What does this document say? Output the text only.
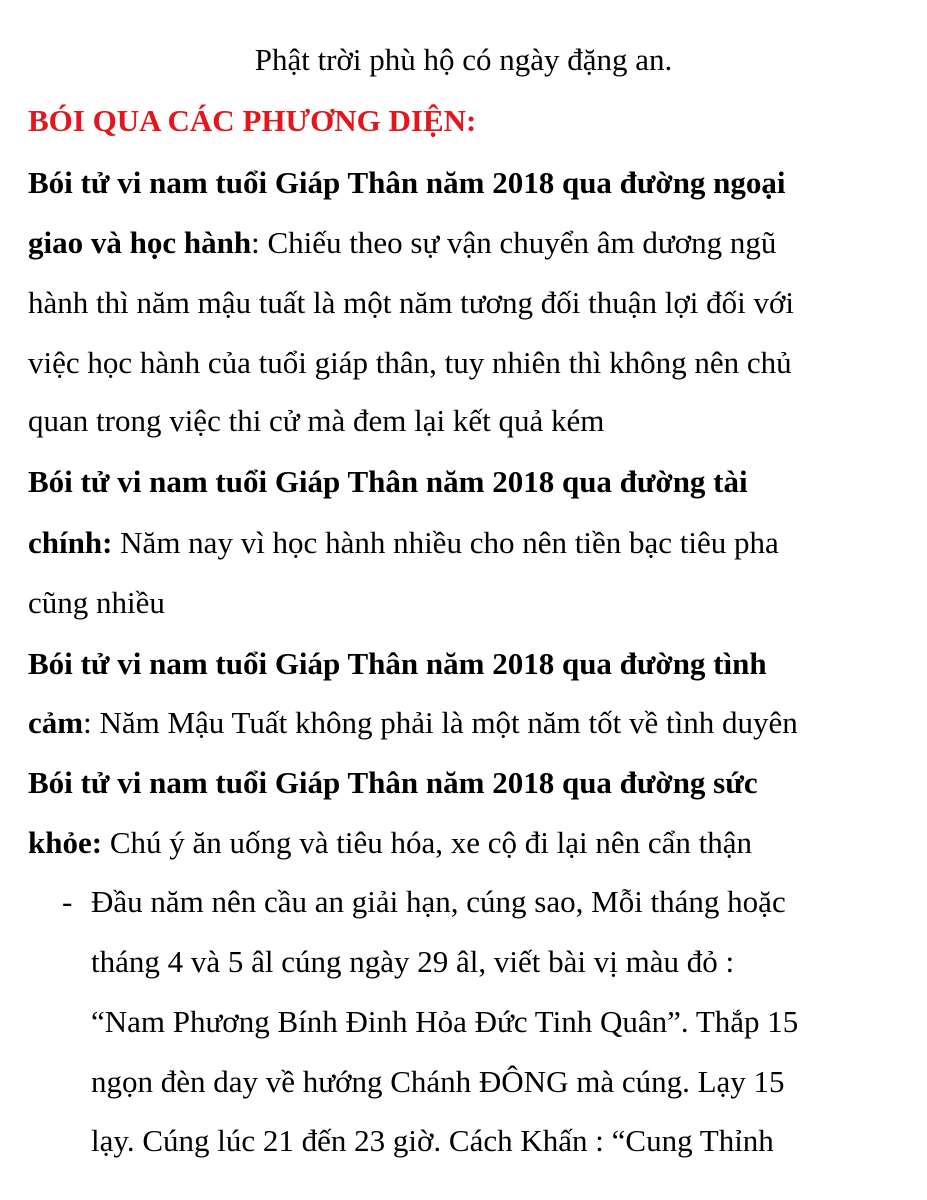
Phật trời phù hộ có ngày đặng an.
BÓI QUA CÁC PHƯƠNG DIỆN:
Bói tử vi nam tuổi Giáp Thân năm 2018 qua đường ngoại
giao và học hành: Chiếu theo sự vận chuyển âm dương ngũ
hành thì năm mậu tuất là một năm tương đối thuận lợi đối với
việc học hành của tuổi giáp thân, tuy nhiên thì không nên chủ
quan trong việc thi cử mà đem lại kết quả kém
Bói tử vi nam tuổi Giáp Thân năm 2018 qua đường tài
chính: Năm nay vì học hành nhiều cho nên tiền bạc tiêu pha
cũng nhiều
Bói tử vi nam tuổi Giáp Thân năm 2018 qua đường tình
cảm: Năm Mậu Tuất không phải là một năm tốt về tình duyên
Bói tử vi nam tuổi Giáp Thân năm 2018 qua đường sức
khỏe: Chú ý ăn uống và tiêu hóa, xe cộ đi lại nên cẩn thận
- Đầu năm nên cầu an giải hạn, cúng sao, Mỗi tháng hoặc
tháng 4 và 5 âl cúng ngày 29 âl, viết bài vị màu đỏ :
“Nam Phương Bính Đinh Hỏa Đức Tinh Quân”. Thắp 15
ngọn đèn day về hướng Chánh ĐÔNG mà cúng. Lạy 15
lạy. Cúng lúc 21 đến 23 giờ. Cách Khấn : “Cung Thỉnh
